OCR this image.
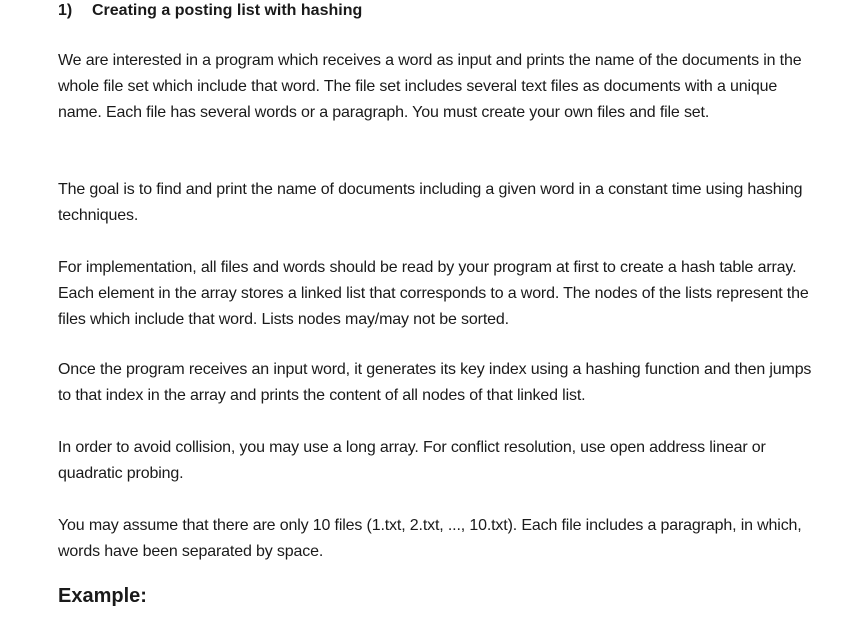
1) Creating a posting list with hashing

We are interested in a program which receives a word as input and prints the name of the documents in the whole file set which include that word. The file set includes several text files as documents with a unique name. Each file has several words or a paragraph. You must create your own files and file set.

The goal is to find and print the name of documents including a given word in a constant time using hashing techniques.

For implementation, all files and words should be read by your program at first to create a hash table array. Each element in the array stores a linked list that corresponds to a word. The nodes of the lists represent the files which include that word. Lists nodes may/may not be sorted.

Once the program receives an input word, it generates its key index using a hashing function and then jumps to that index in the array and prints the content of all nodes of that linked list.

In order to avoid collision, you may use a long array. For conflict resolution, use open address linear or quadratic probing.

You may assume that there are only 10 files (1.txt, 2.txt, ..., 10.txt). Each file includes a paragraph, in which, words have been separated by space.

Example:
